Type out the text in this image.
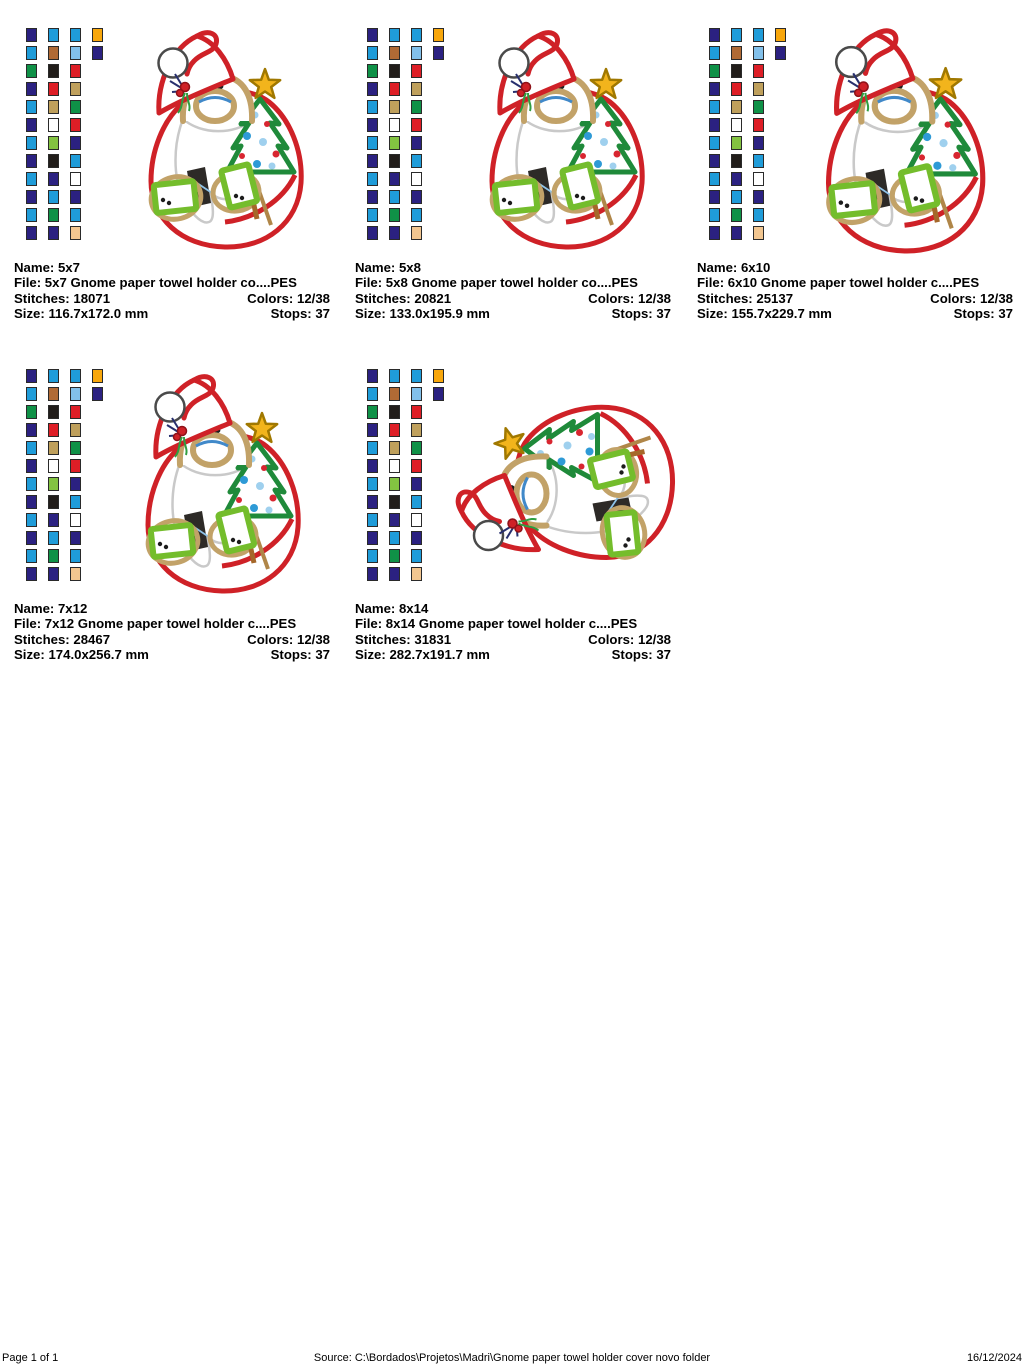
Name: 5x7
File: 5x7 Gnome paper towel holder co....PES
Stitches: 18071	Colors: 12/38
Size: 116.7x172.0 mm	Stops: 37
Name: 5x8
File: 5x8 Gnome paper towel holder co....PES
Stitches: 20821	Colors: 12/38
Size: 133.0x195.9 mm	Stops: 37
Name: 6x10
File: 6x10 Gnome paper towel holder c....PES
Stitches: 25137	Colors: 12/38
Size: 155.7x229.7 mm	Stops: 37
Name: 7x12
File: 7x12 Gnome paper towel holder c....PES
Stitches: 28467	Colors: 12/38
Size: 174.0x256.7 mm	Stops: 37
Name: 8x14
File: 8x14 Gnome paper towel holder c....PES
Stitches: 31831	Colors: 12/38
Size: 282.7x191.7 mm	Stops: 37
Page 1 of 1	Source: C:\Bordados\Projetos\Madri\Gnome paper towel holder cover novo folder	16/12/2024
